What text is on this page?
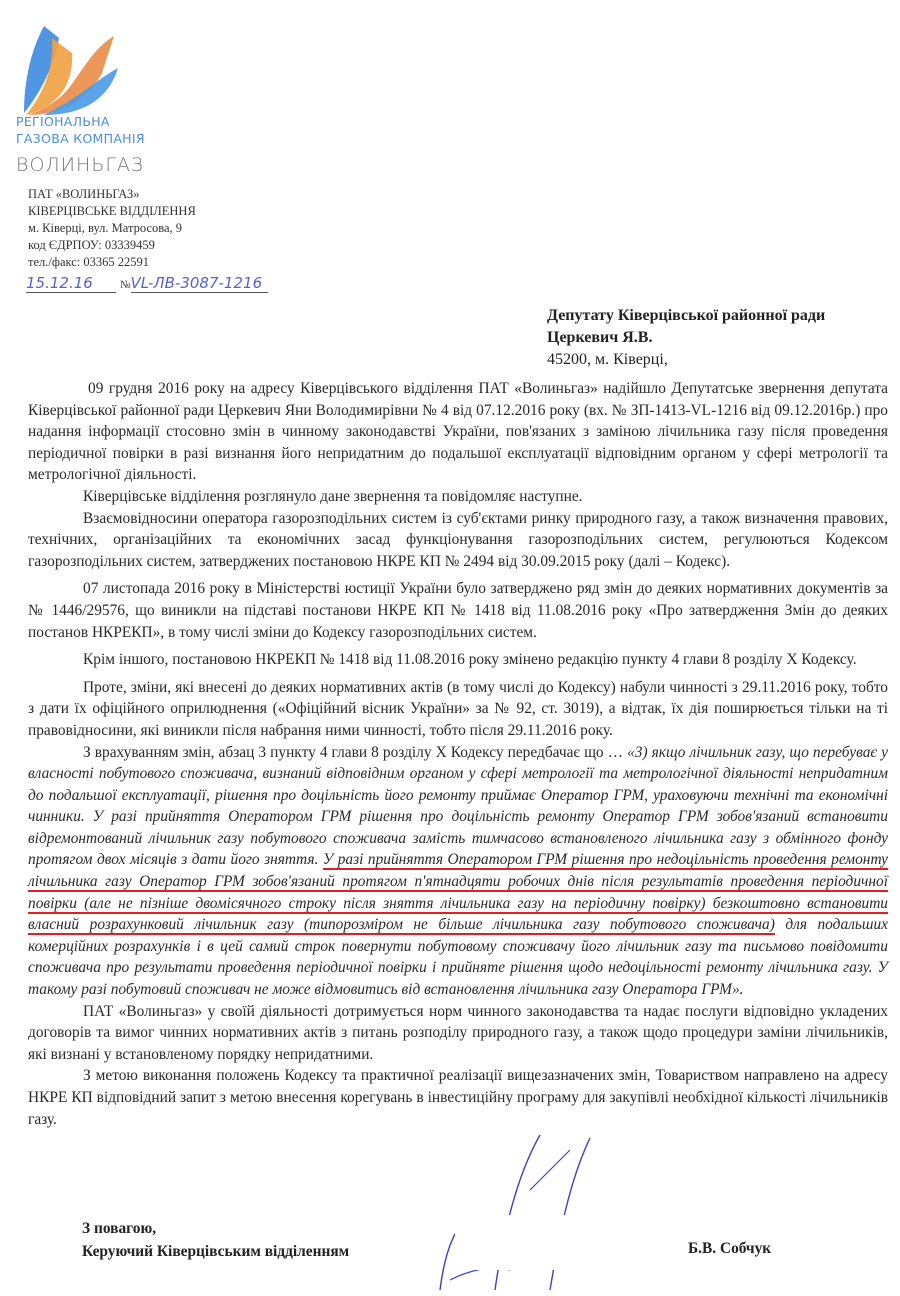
РЕГІОНАЛЬНА
ГАЗОВА КОМПАНІЯ
ВОЛИНЬГАЗ
ПАТ «ВОЛИНЬГАЗ»
КІВЕРЦІВСЬКЕ ВІДДІЛЕННЯ
м. Ківерці, вул. Матросова, 9
код ЄДРПОУ: 03339459
тел./факс: 03365 22591
15.12.16 №VL-ЛВ-3087-1216
Депутату Ківерцівської районної ради
Церкевич Я.В.
45200, м. Ківерці,

09 грудня 2016 року на адресу Ківерцівського відділення ПАТ «Волиньгаз» надійшло Депутатське звернення депутата Ківерцівської районної ради Церкевич Яни Володимирівни № 4 від 07.12.2016 року (вх. № ЗП-1413-VL-1216 від 09.12.2016р.) про надання інформації стосовно змін в чинному законодавстві України, пов'язаних з заміною лічильника газу після проведення періодичної повірки в разі визнання його непридатним до подальшої експлуатації відповідним органом у сфері метрології та метрологічної діяльності.

Ківерцівське відділення розглянуло дане звернення та повідомляє наступне.

Взаємовідносини оператора газорозподільних систем із суб'єктами ринку природного газу, а також визначення правових, технічних, організаційних та економічних засад функціонування газорозподільних систем, регулюються Кодексом газорозподільних систем, затверджених постановою НКРЕ КП № 2494 від 30.09.2015 року (далі – Кодекс).

07 листопада 2016 року в Міністерстві юстиції України було затверджено ряд змін до деяких нормативних документів за № 1446/29576, що виникли на підставі постанови НКРЕ КП № 1418 від 11.08.2016 року «Про затвердження Змін до деяких постанов НКРЕКП», в тому числі зміни до Кодексу газорозподільних систем.

Крім іншого, постановою НКРЕКП № 1418 від 11.08.2016 року змінено редакцію пункту 4 глави 8 розділу Х Кодексу.

Проте, зміни, які внесені до деяких нормативних актів (в тому числі до Кодексу) набули чинності з 29.11.2016 року, тобто з дати їх офіційного оприлюднення («Офіційний вісник України» за № 92, ст. 3019), а відтак, їх дія поширюється тільки на ті правовідносини, які виникли після набрання ними чинності, тобто після 29.11.2016 року.

З врахуванням змін, абзац 3 пункту 4 глави 8 розділу Х Кодексу передбачає що … «3) якщо лічильник газу, що перебуває у власності побутового споживача, визнаний відповідним органом у сфері метрології та метрологічної діяльності непридатним до подальшої експлуатації, рішення про доцільність його ремонту приймає Оператор ГРМ, ураховуючи технічні та економічні чинники. У разі прийняття Оператором ГРМ рішення про доцільність ремонту Оператор ГРМ зобов'язаний встановити відремонтований лічильник газу побутового споживача замість тимчасово встановленого лічильника газу з обмінного фонду протягом двох місяців з дати його зняття. У разі прийняття Оператором ГРМ рішення про недоцільність проведення ремонту лічильника газу Оператор ГРМ зобов'язаний протягом п'ятнадцяти робочих днів після результатів проведення періодичної повірки (але не пізніше двомісячного строку після зняття лічильника газу на періодичну повірку) безкоштовно встановити власний розрахунковий лічильник газу (типорозміром не більше лічильника газу побутового споживача) для подальших комерційних розрахунків і в цей самий строк повернути побутовому споживачу його лічильник газу та письмово повідомити споживача про результати проведення періодичної повірки і прийняте рішення щодо недоцільності ремонту лічильника газу. У такому разі побутовий споживач не може відмовитись від встановлення лічильника газу Оператора ГРМ».

ПАТ «Волиньгаз» у своїй діяльності дотримується норм чинного законодавства та надає послуги відповідно укладених договорів та вимог чинних нормативних актів з питань розподілу природного газу, а також щодо процедури заміни лічильників, які визнані у встановленому порядку непридатними.

З метою виконання положень Кодексу та практичної реалізації вищезазначених змін, Товариством направлено на адресу НКРЕ КП відповідний запит з метою внесення корегувань в інвестиційну програму для закупівлі необхідної кількості лічильників газу.

З повагою,
Керуючий Ківерцівським відділенням	Б.В. Собчук
